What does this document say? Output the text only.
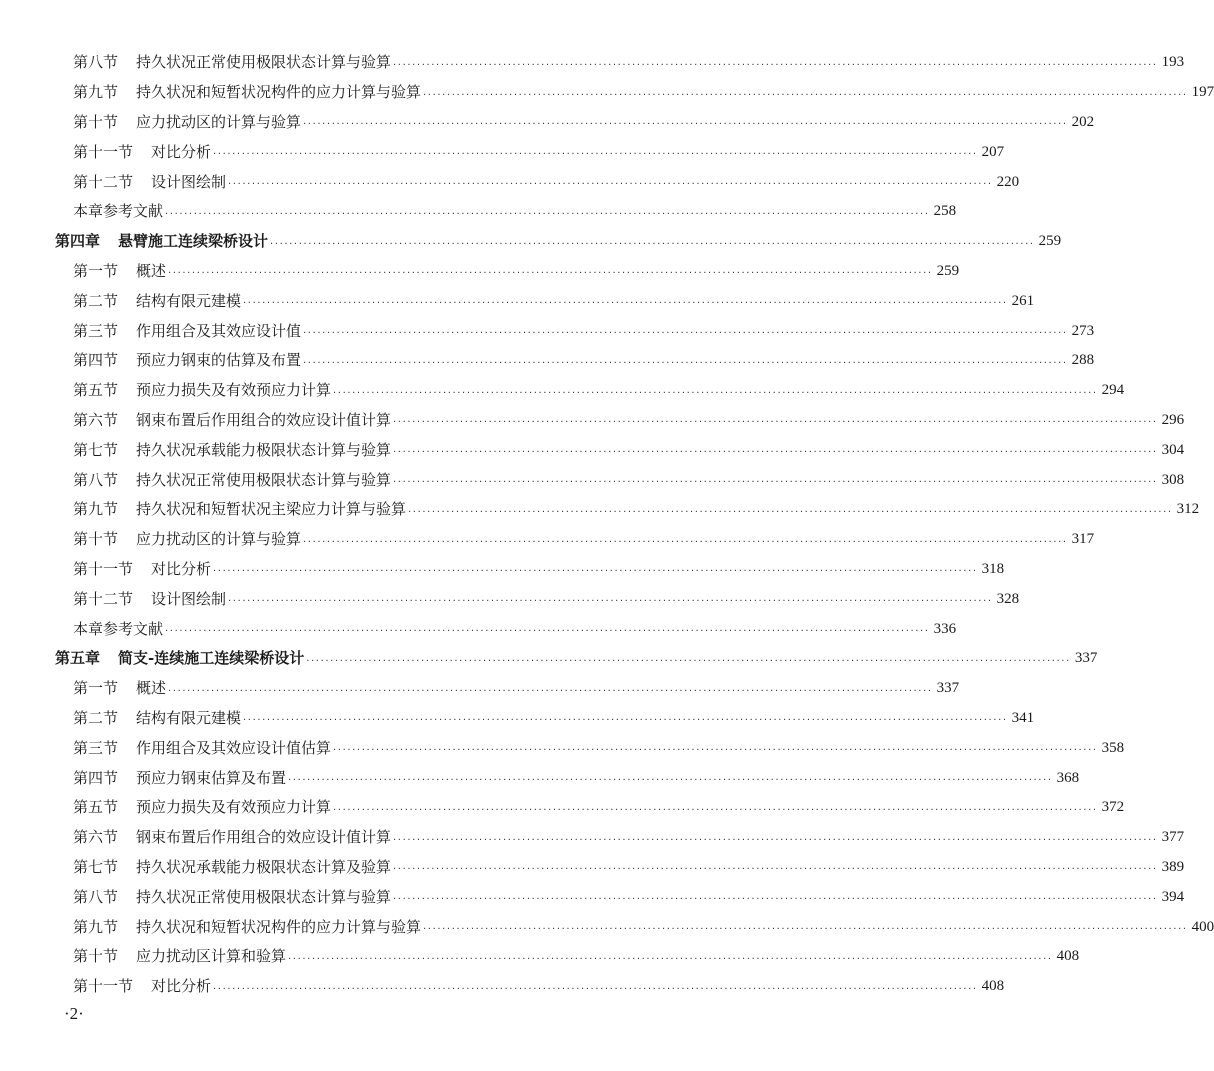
第八节 持久状况正常使用极限状态计算与验算 ································································································································································ 193
第九节 持久状况和短暂状况构件的应力计算与验算 ································································································································································ 197
第十节 应力扰动区的计算与验算 ································································································································································ 202
第十一节 对比分析 ································································································································································ 207
第十二节 设计图绘制 ································································································································································ 220
本章参考文献 ································································································································································ 258
第四章 悬臂施工连续梁桥设计 ································································································································································ 259
第一节 概述 ································································································································································ 259
第二节 结构有限元建模 ································································································································································ 261
第三节 作用组合及其效应设计值 ································································································································································ 273
第四节 预应力钢束的估算及布置 ································································································································································ 288
第五节 预应力损失及有效预应力计算 ································································································································································ 294
第六节 钢束布置后作用组合的效应设计值计算 ································································································································································ 296
第七节 持久状况承载能力极限状态计算与验算 ································································································································································ 304
第八节 持久状况正常使用极限状态计算与验算 ································································································································································ 308
第九节 持久状况和短暂状况主梁应力计算与验算 ································································································································································ 312
第十节 应力扰动区的计算与验算 ································································································································································ 317
第十一节 对比分析 ································································································································································ 318
第十二节 设计图绘制 ································································································································································ 328
本章参考文献 ································································································································································ 336
第五章 简支-连续施工连续梁桥设计 ································································································································································ 337
第一节 概述 ································································································································································ 337
第二节 结构有限元建模 ································································································································································ 341
第三节 作用组合及其效应设计值估算 ································································································································································ 358
第四节 预应力钢束估算及布置 ································································································································································ 368
第五节 预应力损失及有效预应力计算 ································································································································································ 372
第六节 钢束布置后作用组合的效应设计值计算 ································································································································································ 377
第七节 持久状况承载能力极限状态计算及验算 ································································································································································ 389
第八节 持久状况正常使用极限状态计算与验算 ································································································································································ 394
第九节 持久状况和短暂状况构件的应力计算与验算 ································································································································································ 400
第十节 应力扰动区计算和验算 ································································································································································ 408
第十一节 对比分析 ································································································································································ 408
·2·
